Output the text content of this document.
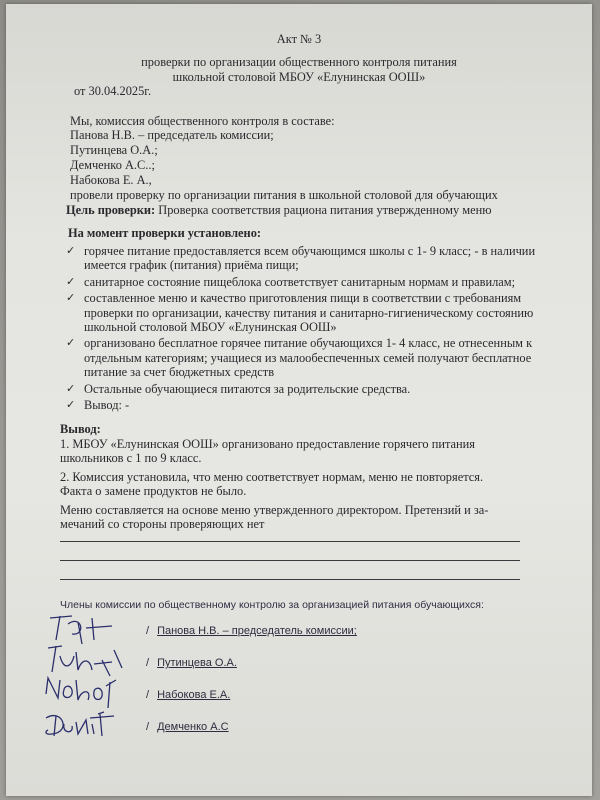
Акт № 3
проверки по организации общественного контроля питания
школьной столовой МБОУ «Елунинская ООШ»
от 30.04.2025г.
Мы, комиссия общественного контроля в составе:
Панова Н.В. – председатель комиссии;
Путинцева О.А.;
Демченко А.С..;
Набокова Е. А.,
провели проверку по организации питания в школьной столовой для обучающих
Цель проверки: Проверка соответствия рациона питания утвержденному меню
На момент проверки установлено:
✓ горячее питание предоставляется всем обучающимся школы с 1- 9 класс; - в наличии имеется график (питания) приёма пищи;
✓ санитарное состояние пищеблока соответствует санитарным нормам и правилам;
✓ составленное меню и качество приготовления пищи в соответствии с требованиям проверки по организации, качеству питания и санитарно-гигиеническому состоянию школьной столовой МБОУ «Елунинская ООШ»
✓ организовано бесплатное горячее питание обучающихся 1- 4 класс, не отнесенным к отдельным категориям; учащиеся из малообеспеченных семей получают бесплатное питание за счет бюджетных средств
✓ Остальные обучающиеся питаются за родительские средства.
✓ Вывод: -
Вывод:
1. МБОУ «Елунинская ООШ» организовано предоставление горячего питания
школьников с 1 по 9 класс.
2. Комиссия установила, что меню соответствует нормам, меню не повторяется.
Факта о замене продуктов не было.
Меню составляется на основе меню утвержденного директором. Претензий и за-
мечаний со стороны проверяющих нет
Члены комиссии по общественному контролю за организацией питания обучающихся:
/ Панова Н.В. – председатель комиссии;
/ Путинцева О.А.
/ Набокова Е.А.
/ Демченко А.С
